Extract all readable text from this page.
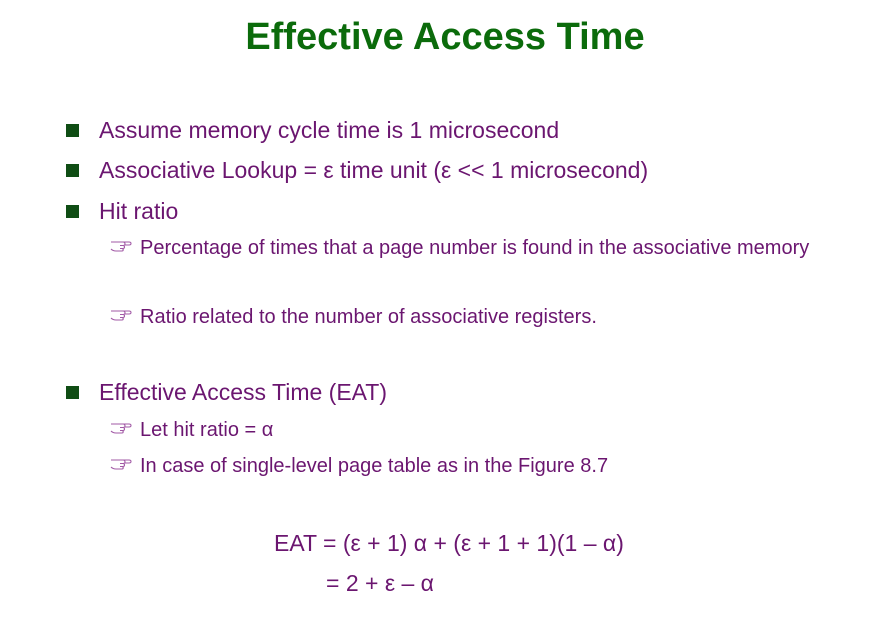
Effective Access Time
Assume memory cycle time is 1 microsecond
Associative Lookup = ε time unit (ε << 1 microsecond)
Hit ratio
Percentage of times that a page number is found in the associative memory
Ratio related to the number of associative registers.
Effective Access Time (EAT)
Let hit ratio = α
In case of single-level page table as in the Figure 8.7
EAT = (ε + 1) α + (ε + 1 + 1)(1 – α)
= 2 + ε – α
